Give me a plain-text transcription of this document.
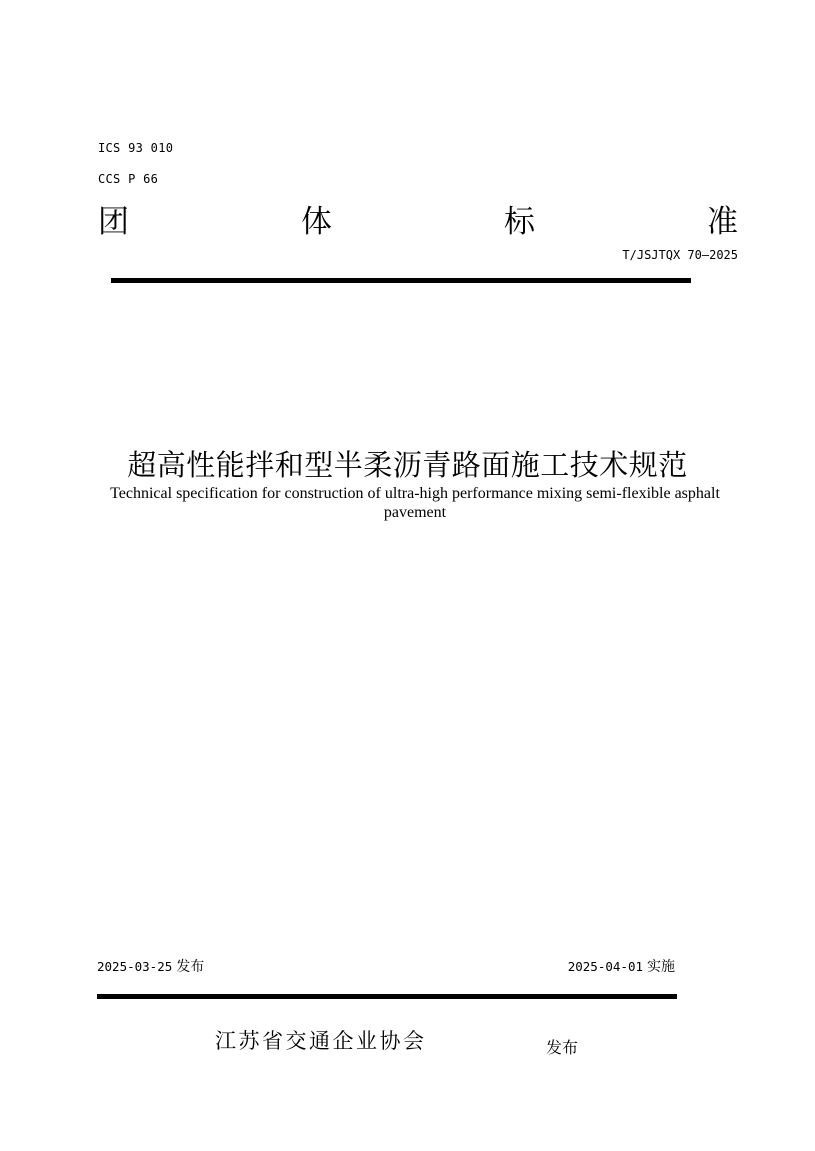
ICS 93 010
CCS P 66
团	体	标	准
T/JSJTQX 70—2025
超高性能拌和型半柔沥青路面施工技术规范
Technical specification for construction of ultra-high performance mixing semi-flexible asphalt pavement
2025-03-25 发布	2025-04-01 实施
江苏省交通企业协会	发布
